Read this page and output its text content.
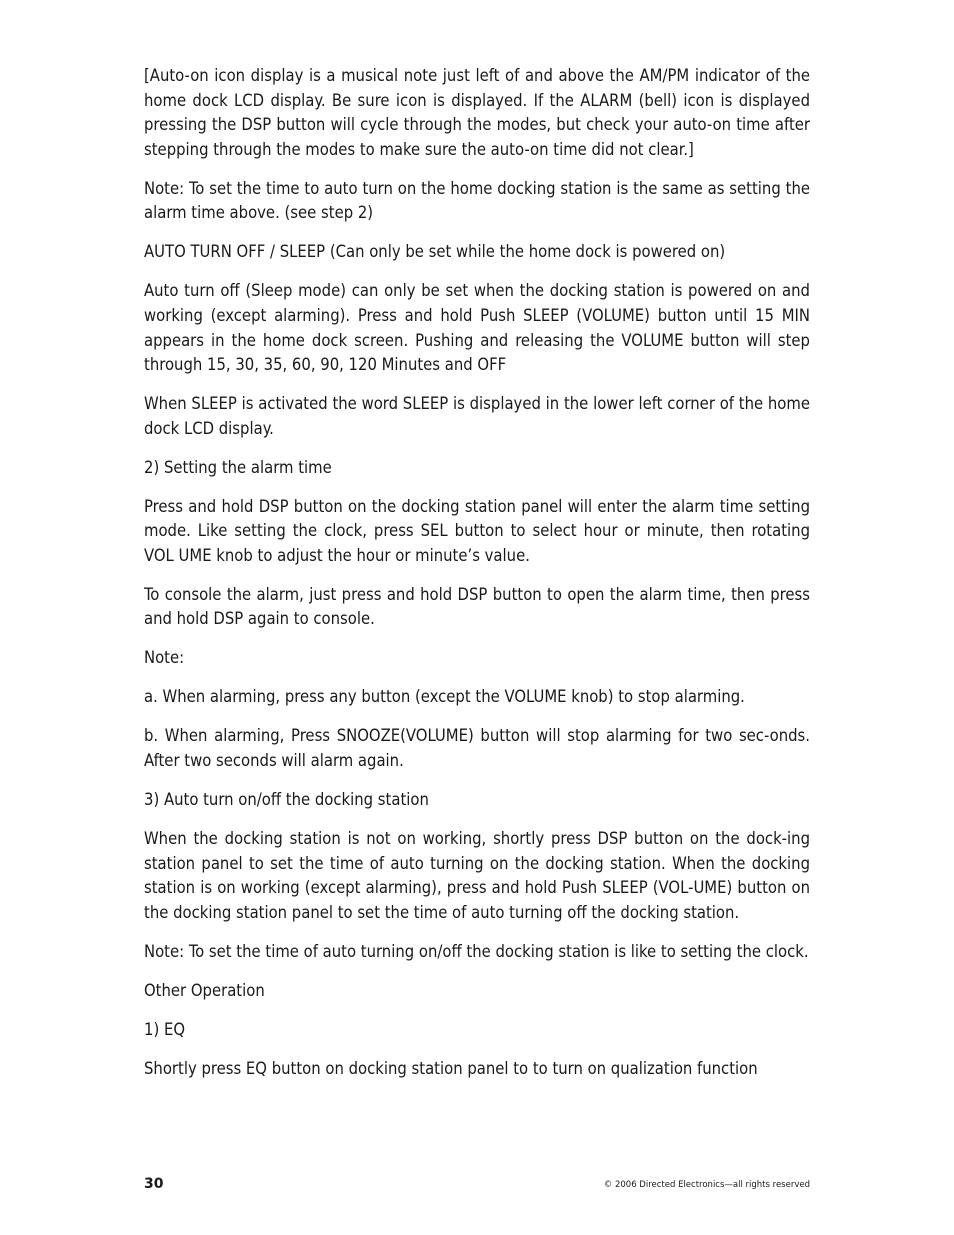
[Auto-on icon display is a musical note just left of and above the AM/PM indicator of the home dock LCD display. Be sure icon is displayed. If the ALARM (bell) icon is displayed pressing the DSP button will cycle through the modes, but check your auto-on time after stepping through the modes to make sure the auto-on time did not clear.]

Note: To set the time to auto turn on the home docking station is the same as setting the alarm time above. (see step 2)

AUTO TURN OFF / SLEEP (Can only be set while the home dock is powered on)

Auto turn off (Sleep mode) can only be set when the docking station is powered on and working (except alarming). Press and hold Push SLEEP (VOLUME) button until 15 MIN appears in the home dock screen. Pushing and releasing the VOLUME button will step through 15, 30, 35, 60, 90, 120 Minutes and OFF

When SLEEP is activated the word SLEEP is displayed in the lower left corner of the home dock LCD display.

2) Setting the alarm time

Press and hold DSP button on the docking station panel will enter the alarm time setting mode. Like setting the clock, press SEL button to select hour or minute, then rotating VOL UME knob to adjust the hour or minute’s value.

To console the alarm, just press and hold DSP button to open the alarm time, then press and hold DSP again to console.

Note:

a. When alarming, press any button (except the VOLUME knob) to stop alarming.

b. When alarming, Press SNOOZE(VOLUME) button will stop alarming for two sec-onds. After two seconds will alarm again.

3) Auto turn on/off the docking station

When the docking station is not on working, shortly press DSP button on the dock-ing station panel to set the time of auto turning on the docking station. When the docking station is on working (except alarming), press and hold Push SLEEP (VOL-UME) button on the docking station panel to set the time of auto turning off the docking station.

Note: To set the time of auto turning on/off the docking station is like to setting the clock.

Other Operation

1) EQ

Shortly press EQ button on docking station panel to to turn on qualization function

30	© 2006 Directed Electronics—all rights reserved
